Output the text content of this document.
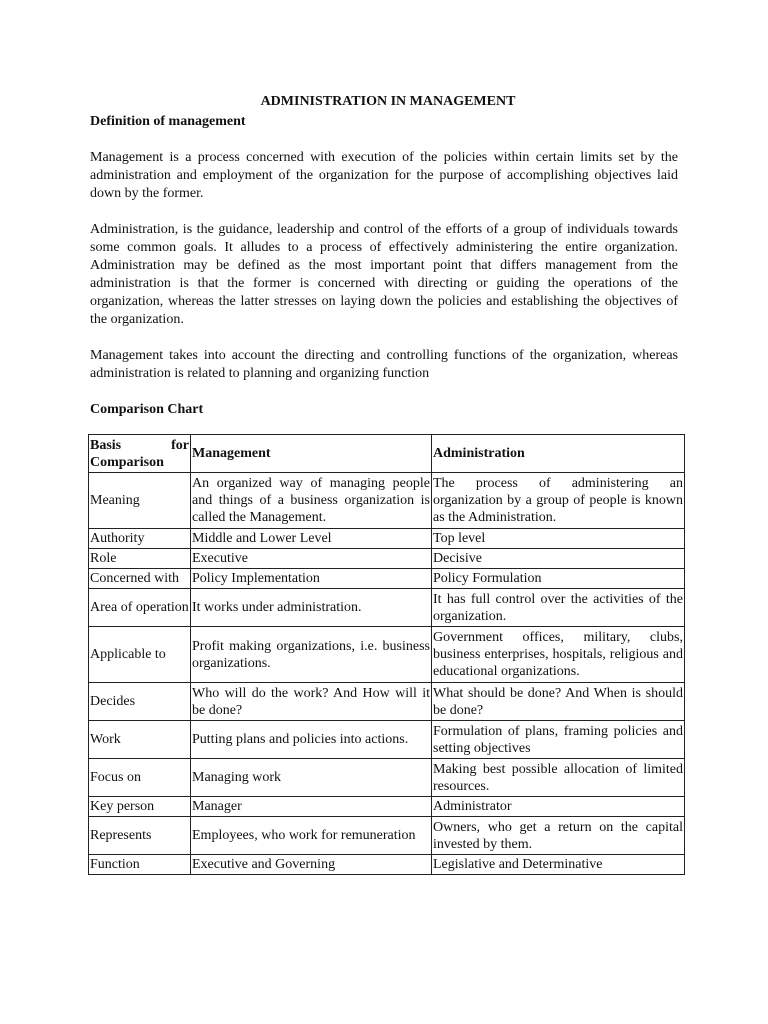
ADMINISTRATION IN MANAGEMENT
Definition of management

Management is a process concerned with execution of the policies within certain limits set by the administration and employment of the organization for the purpose of accomplishing objectives laid down by the former.

Administration, is the guidance, leadership and control of the efforts of a group of individuals towards some common goals. It alludes to a process of effectively administering the entire organization. Administration may be defined as the most important point that differs management from the administration is that the former is concerned with directing or guiding the operations of the organization, whereas the latter stresses on laying down the policies and establishing the objectives of the organization.

Management takes into account the directing and controlling functions of the organization, whereas administration is related to planning and organizing function

Comparison Chart
Basis for Comparison	Management	Administration
Meaning	An organized way of managing people and things of a business organization is called the Management.	The process of administering an organization by a group of people is known as the Administration.
Authority	Middle and Lower Level	Top level
Role	Executive	Decisive
Concerned with	Policy Implementation	Policy Formulation
Area of operation	It works under administration.	It has full control over the activities of the organization.
Applicable to	Profit making organizations, i.e. business organizations.	Government offices, military, clubs, business enterprises, hospitals, religious and educational organizations.
Decides	Who will do the work? And How will it be done?	What should be done? And When is should be done?
Work	Putting plans and policies into actions.	Formulation of plans, framing policies and setting objectives
Focus on	Managing work	Making best possible allocation of limited resources.
Key person	Manager	Administrator
Represents	Employees, who work for remuneration	Owners, who get a return on the capital invested by them.
Function	Executive and Governing	Legislative and Determinative
